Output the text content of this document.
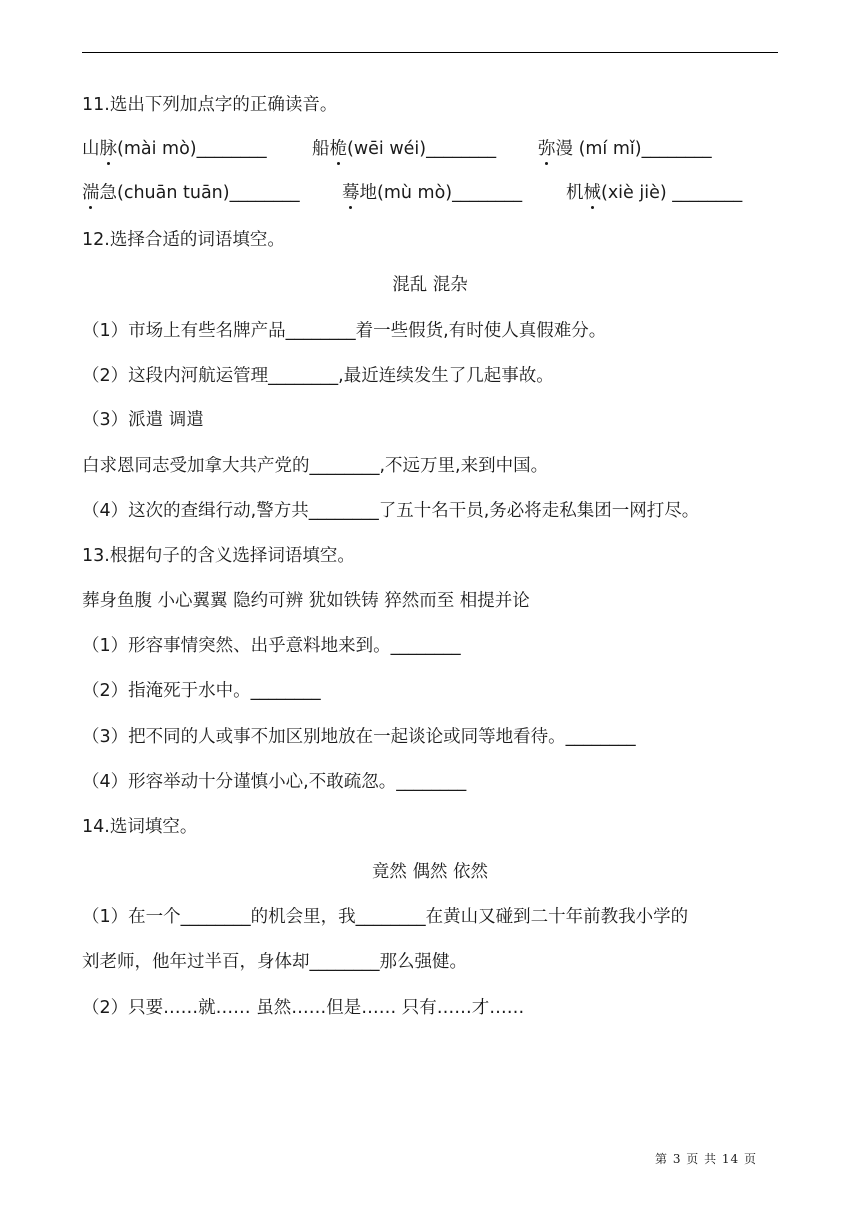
11.选出下列加点字的正确读音。
山脉(mài mò)________	船桅(wēi wéi)________ 弥漫 (mí mǐ)________
湍急(chuān tuān)________ 蓦地(mù mò)________	机械(xiè jiè) ________
12.选择合适的词语填空。
混乱 混杂
（1）市场上有些名牌产品________着一些假货,有时使人真假难分。
（2）这段内河航运管理________,最近连续发生了几起事故。
（3）派遣 调遣
白求恩同志受加拿大共产党的________,不远万里,来到中国。
（4）这次的查缉行动,警方共________了五十名干员,务必将走私集团一网打尽。
13.根据句子的含义选择词语填空。
葬身鱼腹 小心翼翼 隐约可辨 犹如铁铸 猝然而至 相提并论
（1）形容事情突然、出乎意料地来到。________
（2）指淹死于水中。________
（3）把不同的人或事不加区别地放在一起谈论或同等地看待。________
（4）形容举动十分谨慎小心,不敢疏忽。________
14.选词填空。
竟然 偶然 依然
（1）在一个________的机会里，我________在黄山又碰到二十年前教我小学的
刘老师，他年过半百，身体却________那么强健。
（2）只要……就…… 虽然……但是…… 只有……才……
第 3 页 共 14 页
